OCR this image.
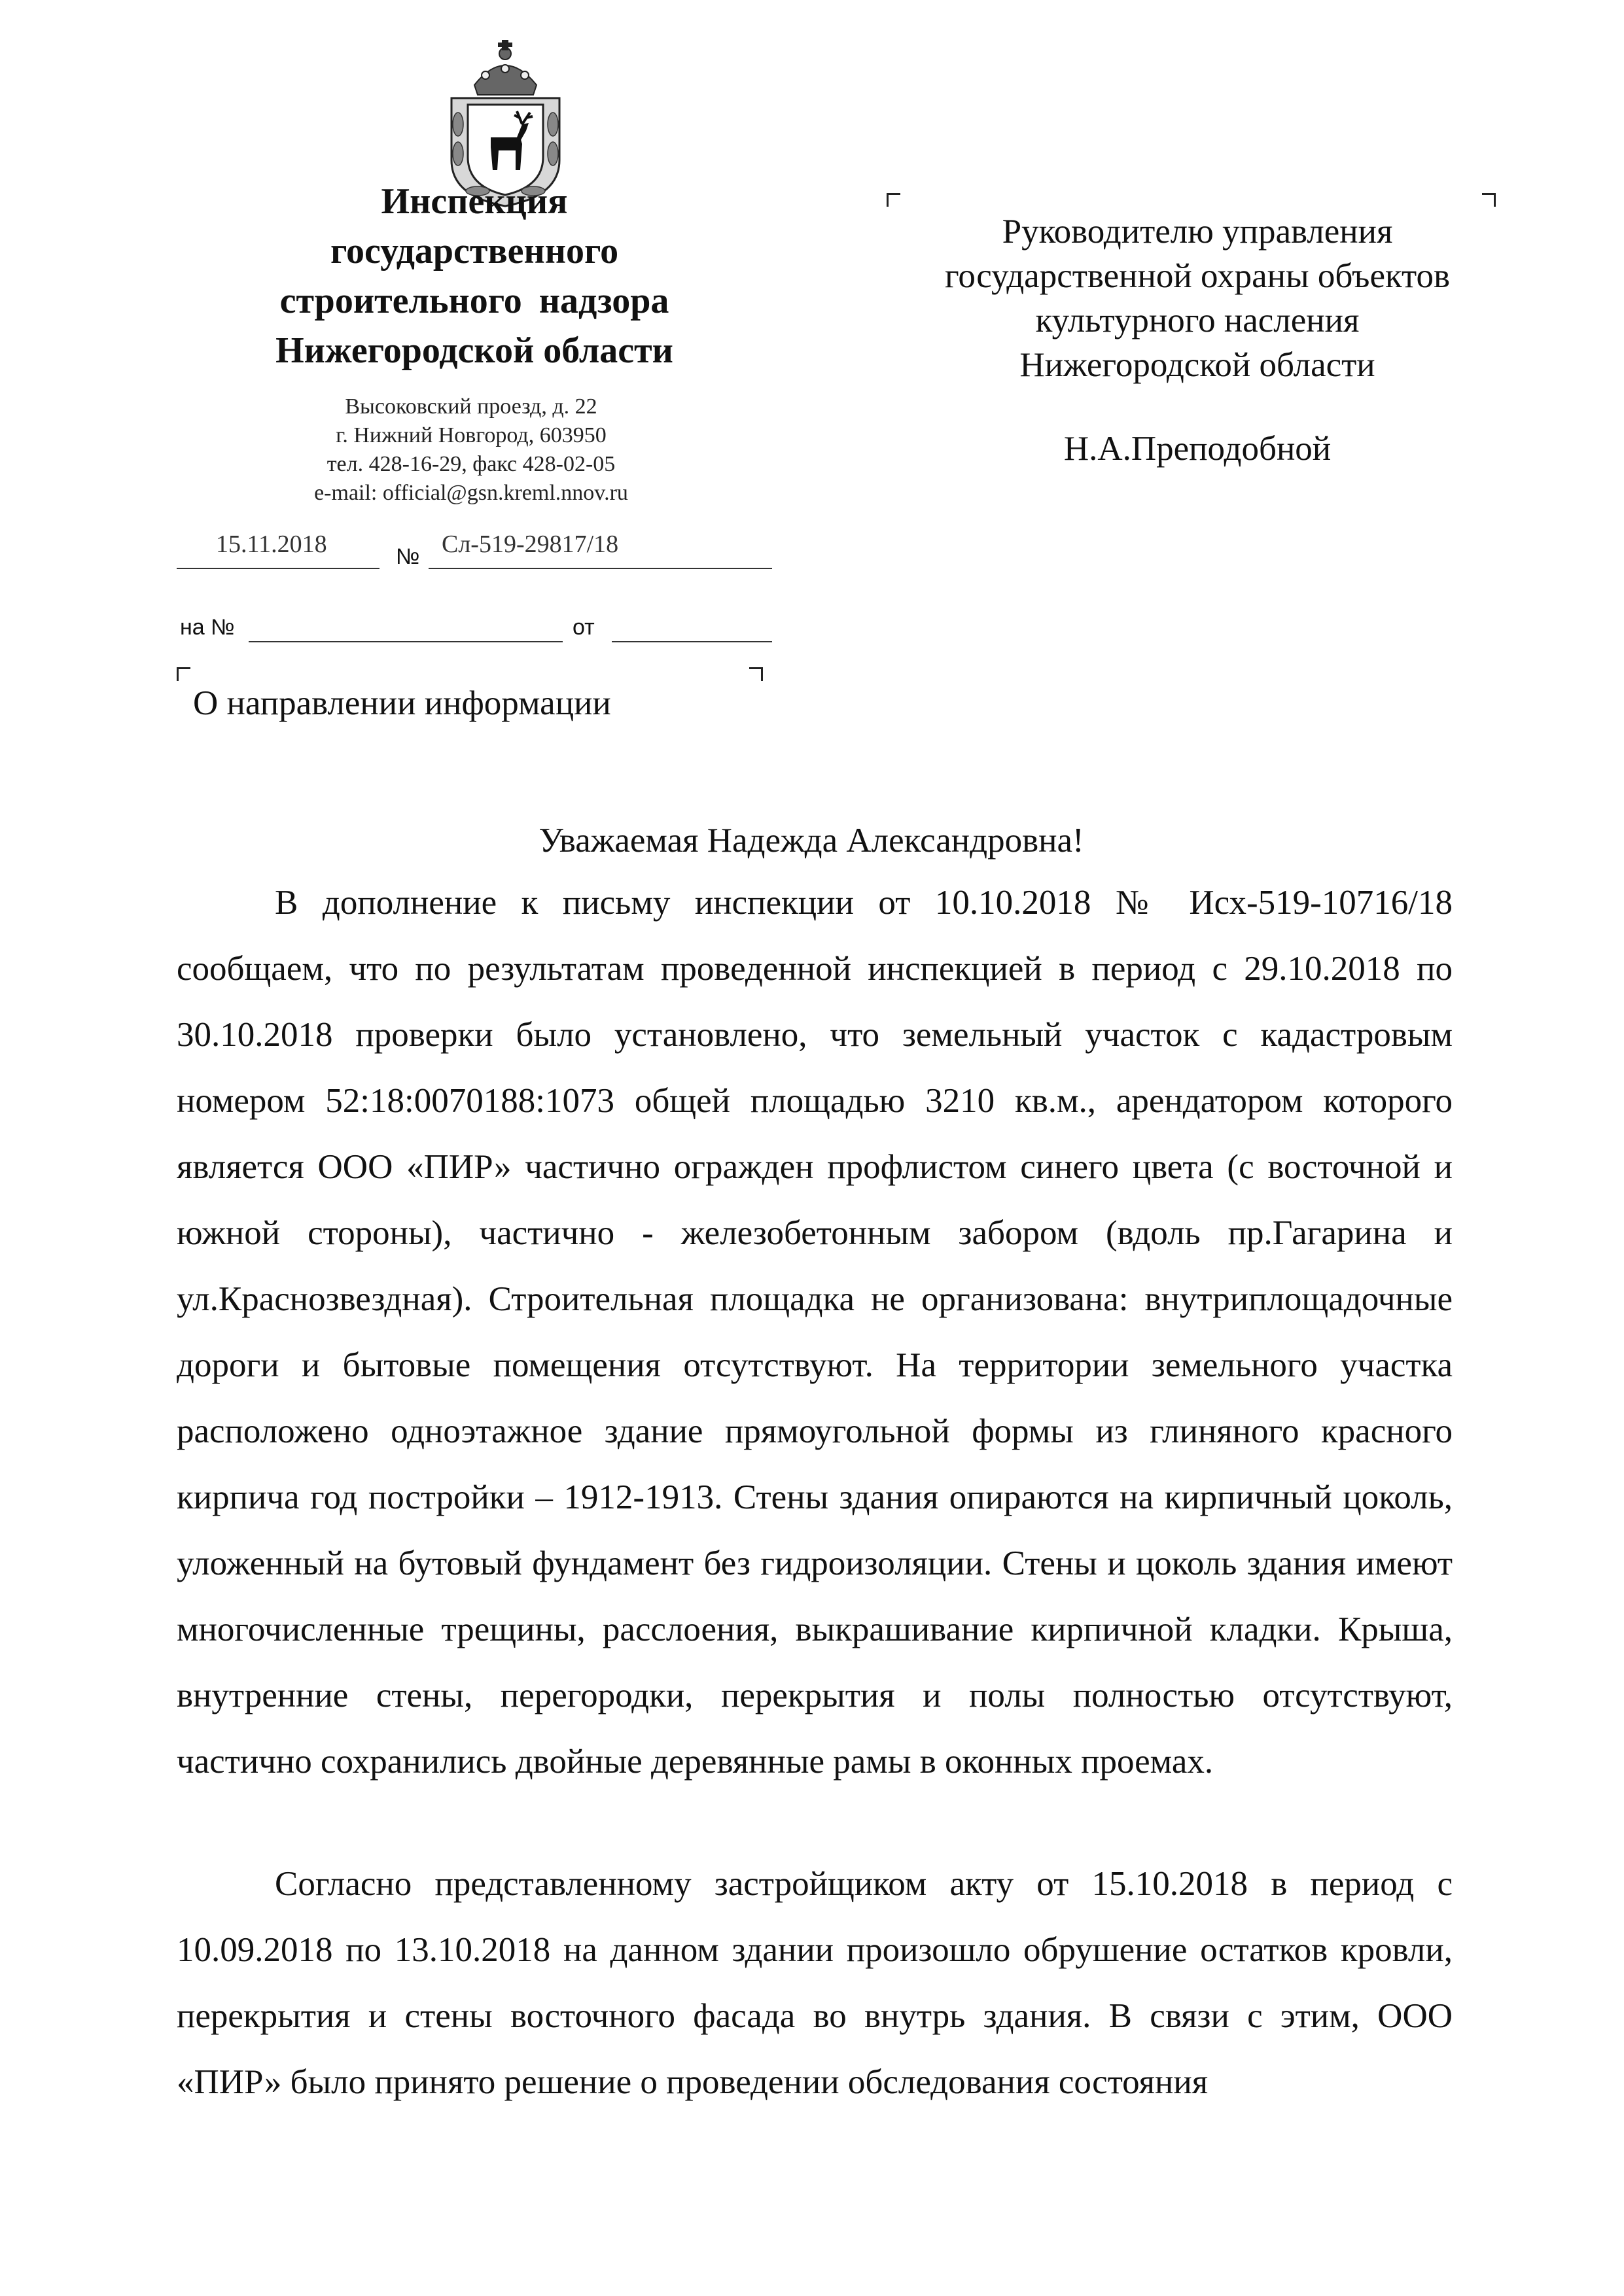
Инспекция
государственного
строительного надзора
Нижегородской области
Высоковский проезд, д. 22
г. Нижний Новгород, 603950
тел. 428-16-29, факс 428-02-05
e-mail: official@gsn.kreml.nnov.ru
15.11.2018	№ Сл-519-29817/18
на №	от
О направлении информации
Руководителю управления
государственной охраны объектов
культурного насления
Нижегородской области
Н.А.Преподобной
Уважаемая Надежда Александровна!

В дополнение к письму инспекции от 10.10.2018 № Исх-519-10716/18 сообщаем, что по результатам проведенной инспекцией в период с 29.10.2018 по 30.10.2018 проверки было установлено, что земельный участок с кадастровым номером 52:18:0070188:1073 общей площадью 3210 кв.м., арендатором которого является ООО «ПИР» частично огражден профлистом синего цвета (с восточной и южной стороны), частично - железобетонным забором (вдоль пр.Гагарина и ул.Краснозвездная). Строительная площадка не организована: внутриплощадочные дороги и бытовые помещения отсутствуют. На территории земельного участка расположено одноэтажное здание прямоугольной формы из глиняного красного кирпича год постройки – 1912-1913. Стены здания опираются на кирпичный цоколь, уложенный на бутовый фундамент без гидроизоляции. Стены и цоколь здания имеют многочисленные трещины, расслоения, выкрашивание кирпичной кладки. Крыша, внутренние стены, перегородки, перекрытия и полы полностью отсутствуют, частично сохранились двойные деревянные рамы в оконных проемах.

Согласно представленному застройщиком акту от 15.10.2018 в период с 10.09.2018 по 13.10.2018 на данном здании произошло обрушение остатков кровли, перекрытия и стены восточного фасада во внутрь здания. В связи с этим, ООО «ПИР» было принято решение о проведении обследования состояния
